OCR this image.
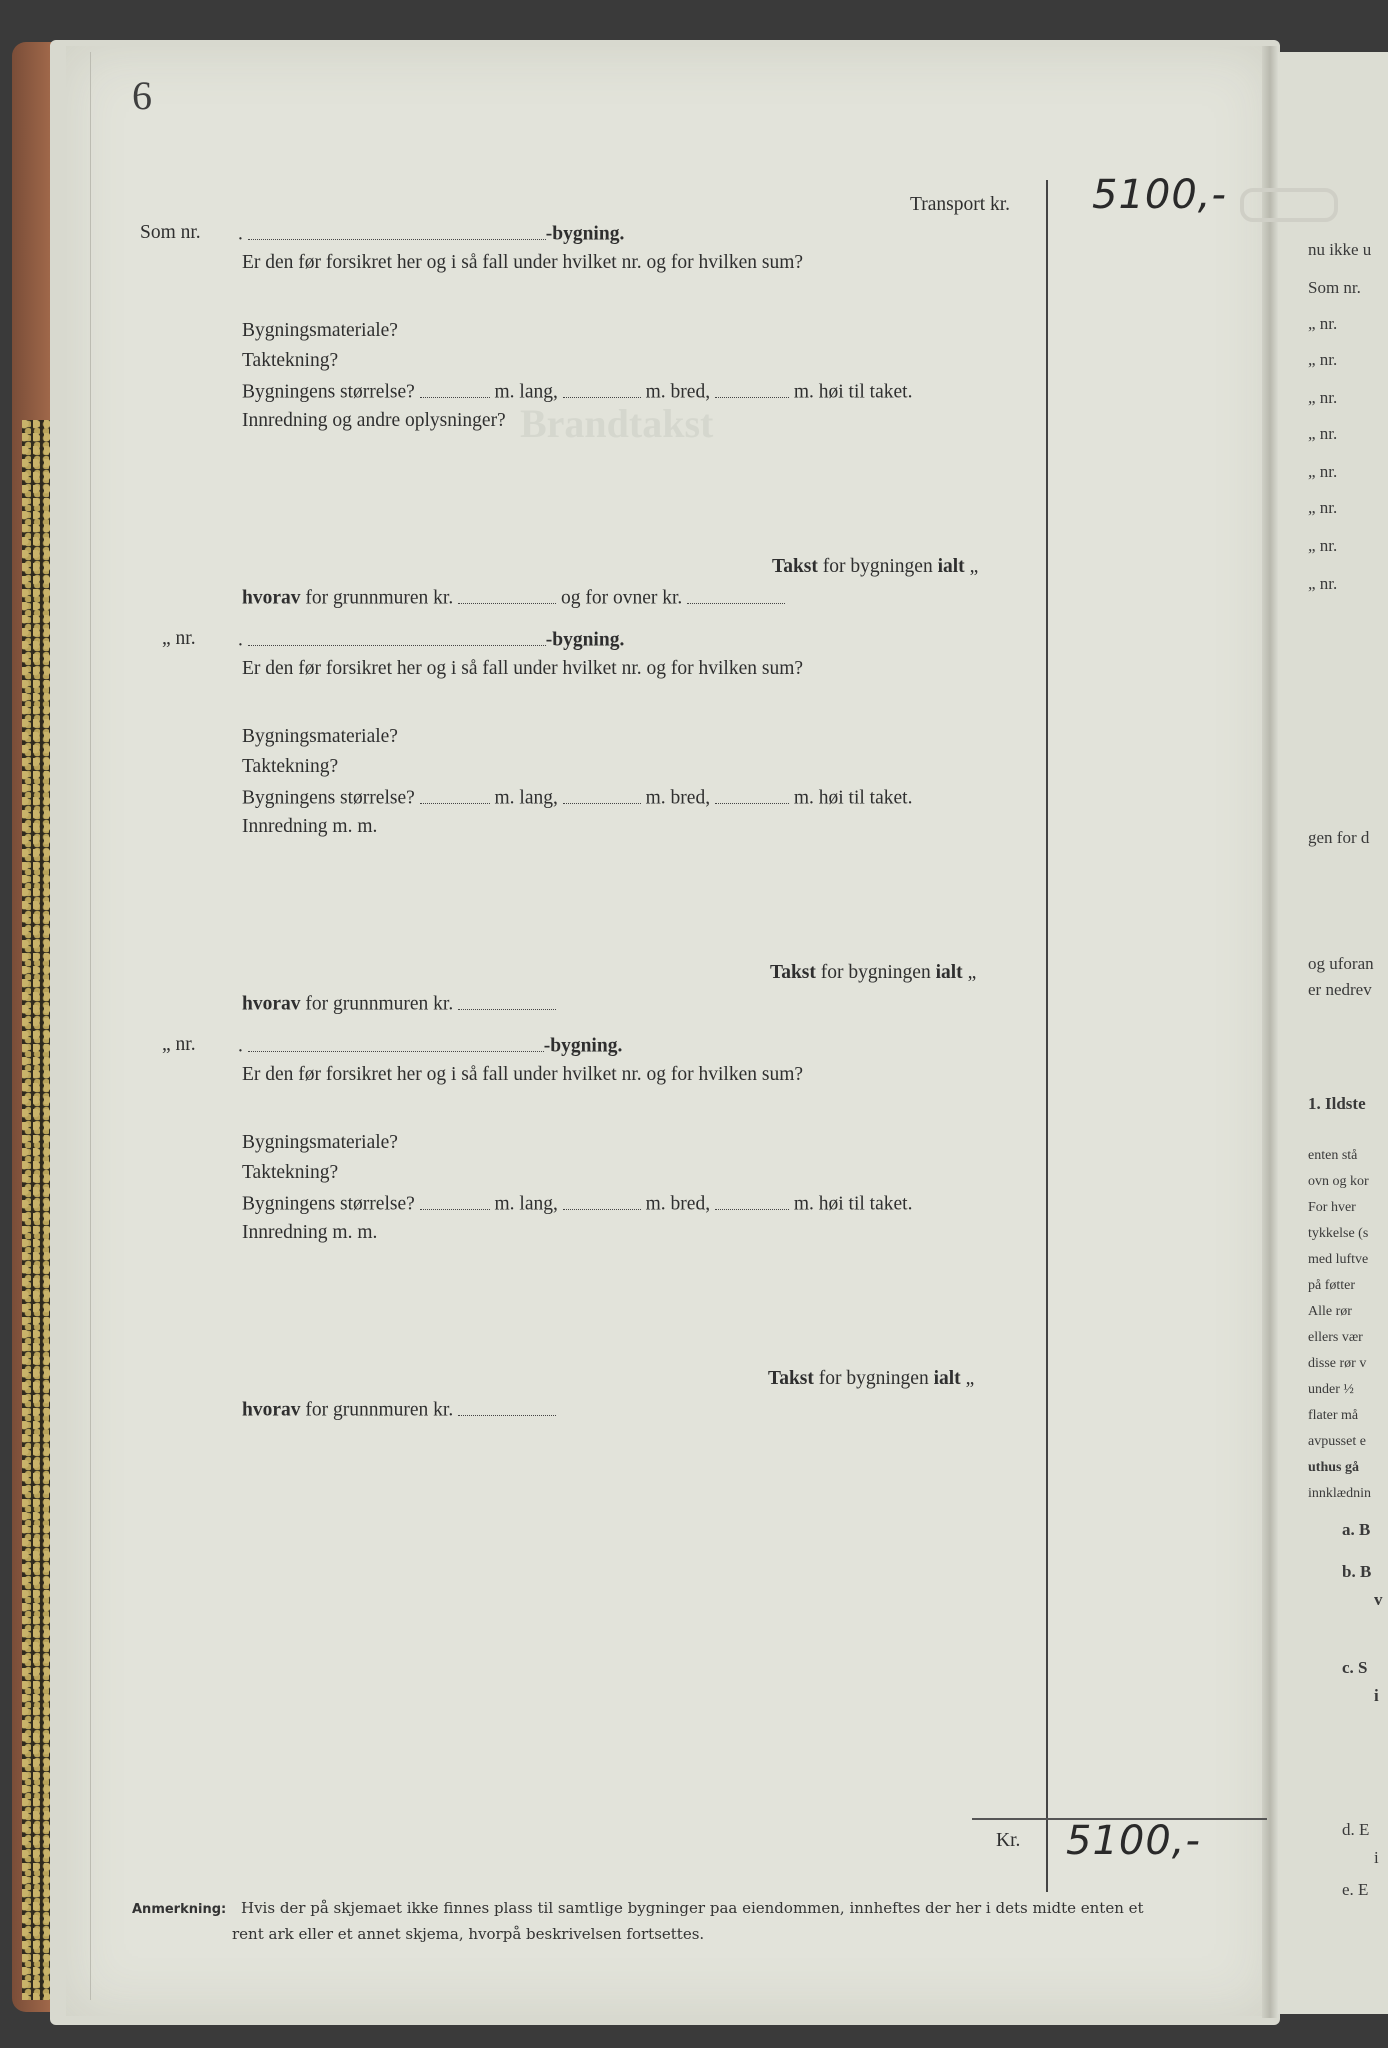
Brandtakst
6
Transport kr. 5100,-
Som nr. .	-bygning.
Er den før forsikret her og i så fall under hvilket nr. og for hvilken sum?
Bygningsmateriale?
Taktekning?
Bygningens størrelse?	m. lang,	m. bred,	m. høi til taket.
Innredning og andre oplysninger?
Takst for bygningen ialt „
hvorav for grunnmuren kr.	og for ovner kr.
„ nr. .	-bygning.
Er den før forsikret her og i så fall under hvilket nr. og for hvilken sum?
Bygningsmateriale?
Taktekning?
Bygningens størrelse?	m. lang,	m. bred,	m. høi til taket.
Innredning m. m.
Takst for bygningen ialt „
hvorav for grunnmuren kr.
„ nr. .	-bygning.
Er den før forsikret her og i så fall under hvilket nr. og for hvilken sum?
Bygningsmateriale?
Taktekning?
Bygningens størrelse?	m. lang,	m. bred,	m. høi til taket.
Innredning m. m.
Takst for bygningen ialt „
hvorav for grunnmuren kr.
Kr. 5100,-
Anmerkning: Hvis der på skjemaet ikke finnes plass til samtlige bygninger paa eiendommen, innheftes der her i dets midte enten et
rent ark eller et annet skjema, hvorpå beskrivelsen fortsettes.
nu ikke u
Som nr.
„ nr.
„ nr.
„ nr.
„ nr.
„ nr.
„ nr.
„ nr.
„ nr.
gen for d
og uforan
er nedrev
1. Ildste
enten stå
ovn og kor
For hver
tykkelse (s
med luftve
på føtter
Alle rør
ellers vær
disse rør v
under ½
flater må
avpusset e
uthus gå
innklædnin
a. B
b. B
v
c. S
i
d. E
i
e. E
